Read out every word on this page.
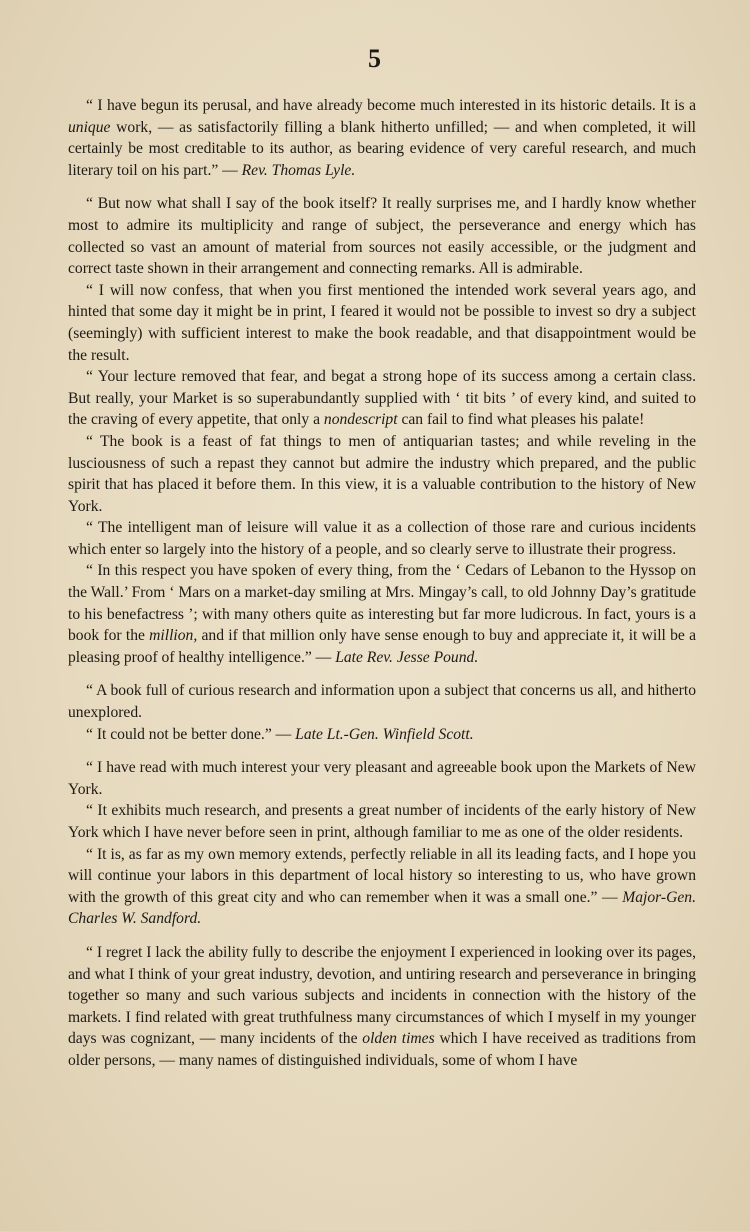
5

“ I have begun its perusal, and have already become much interested in its historic details. It is a unique work, — as satisfactorily filling a blank hitherto unfilled; — and when completed, it will certainly be most creditable to its author, as bearing evidence of very careful research, and much literary toil on his part.” — Rev. Thomas Lyle.

“ But now what shall I say of the book itself? It really surprises me, and I hardly know whether most to admire its multiplicity and range of subject, the perseverance and energy which has collected so vast an amount of material from sources not easily accessible, or the judgment and correct taste shown in their arrangement and connecting remarks. All is admirable.

“ I will now confess, that when you first mentioned the intended work several years ago, and hinted that some day it might be in print, I feared it would not be possible to invest so dry a subject (seemingly) with sufficient interest to make the book readable, and that disappointment would be the result.

“ Your lecture removed that fear, and begat a strong hope of its success among a certain class. But really, your Market is so superabundantly supplied with ‘ tit bits ’ of every kind, and suited to the craving of every appetite, that only a nondescript can fail to find what pleases his palate!

“ The book is a feast of fat things to men of antiquarian tastes; and while reveling in the lusciousness of such a repast they cannot but admire the industry which prepared, and the public spirit that has placed it before them. In this view, it is a valuable contribution to the history of New York.

“ The intelligent man of leisure will value it as a collection of those rare and curious incidents which enter so largely into the history of a people, and so clearly serve to illustrate their progress.

“ In this respect you have spoken of every thing, from the ‘ Cedars of Lebanon to the Hyssop on the Wall.’ From ‘ Mars on a market-day smiling at Mrs. Mingay’s call, to old Johnny Day’s gratitude to his benefactress ’; with many others quite as interesting but far more ludicrous. In fact, yours is a book for the million, and if that million only have sense enough to buy and appreciate it, it will be a pleasing proof of healthy intelligence.” — Late Rev. Jesse Pound.

“ A book full of curious research and information upon a subject that concerns us all, and hitherto unexplored.

“ It could not be better done.” — Late Lt.-Gen. Winfield Scott.

“ I have read with much interest your very pleasant and agreeable book upon the Markets of New York.

“ It exhibits much research, and presents a great number of incidents of the early history of New York which I have never before seen in print, although familiar to me as one of the older residents.

“ It is, as far as my own memory extends, perfectly reliable in all its leading facts, and I hope you will continue your labors in this department of local history so interesting to us, who have grown with the growth of this great city and who can remember when it was a small one.” — Major-Gen. Charles W. Sandford.

“ I regret I lack the ability fully to describe the enjoyment I experienced in looking over its pages, and what I think of your great industry, devotion, and untiring research and perseverance in bringing together so many and such various subjects and incidents in connection with the history of the markets. I find related with great truthfulness many circumstances of which I myself in my younger days was cognizant, — many incidents of the olden times which I have received as traditions from older persons, — many names of distinguished individuals, some of whom I have
